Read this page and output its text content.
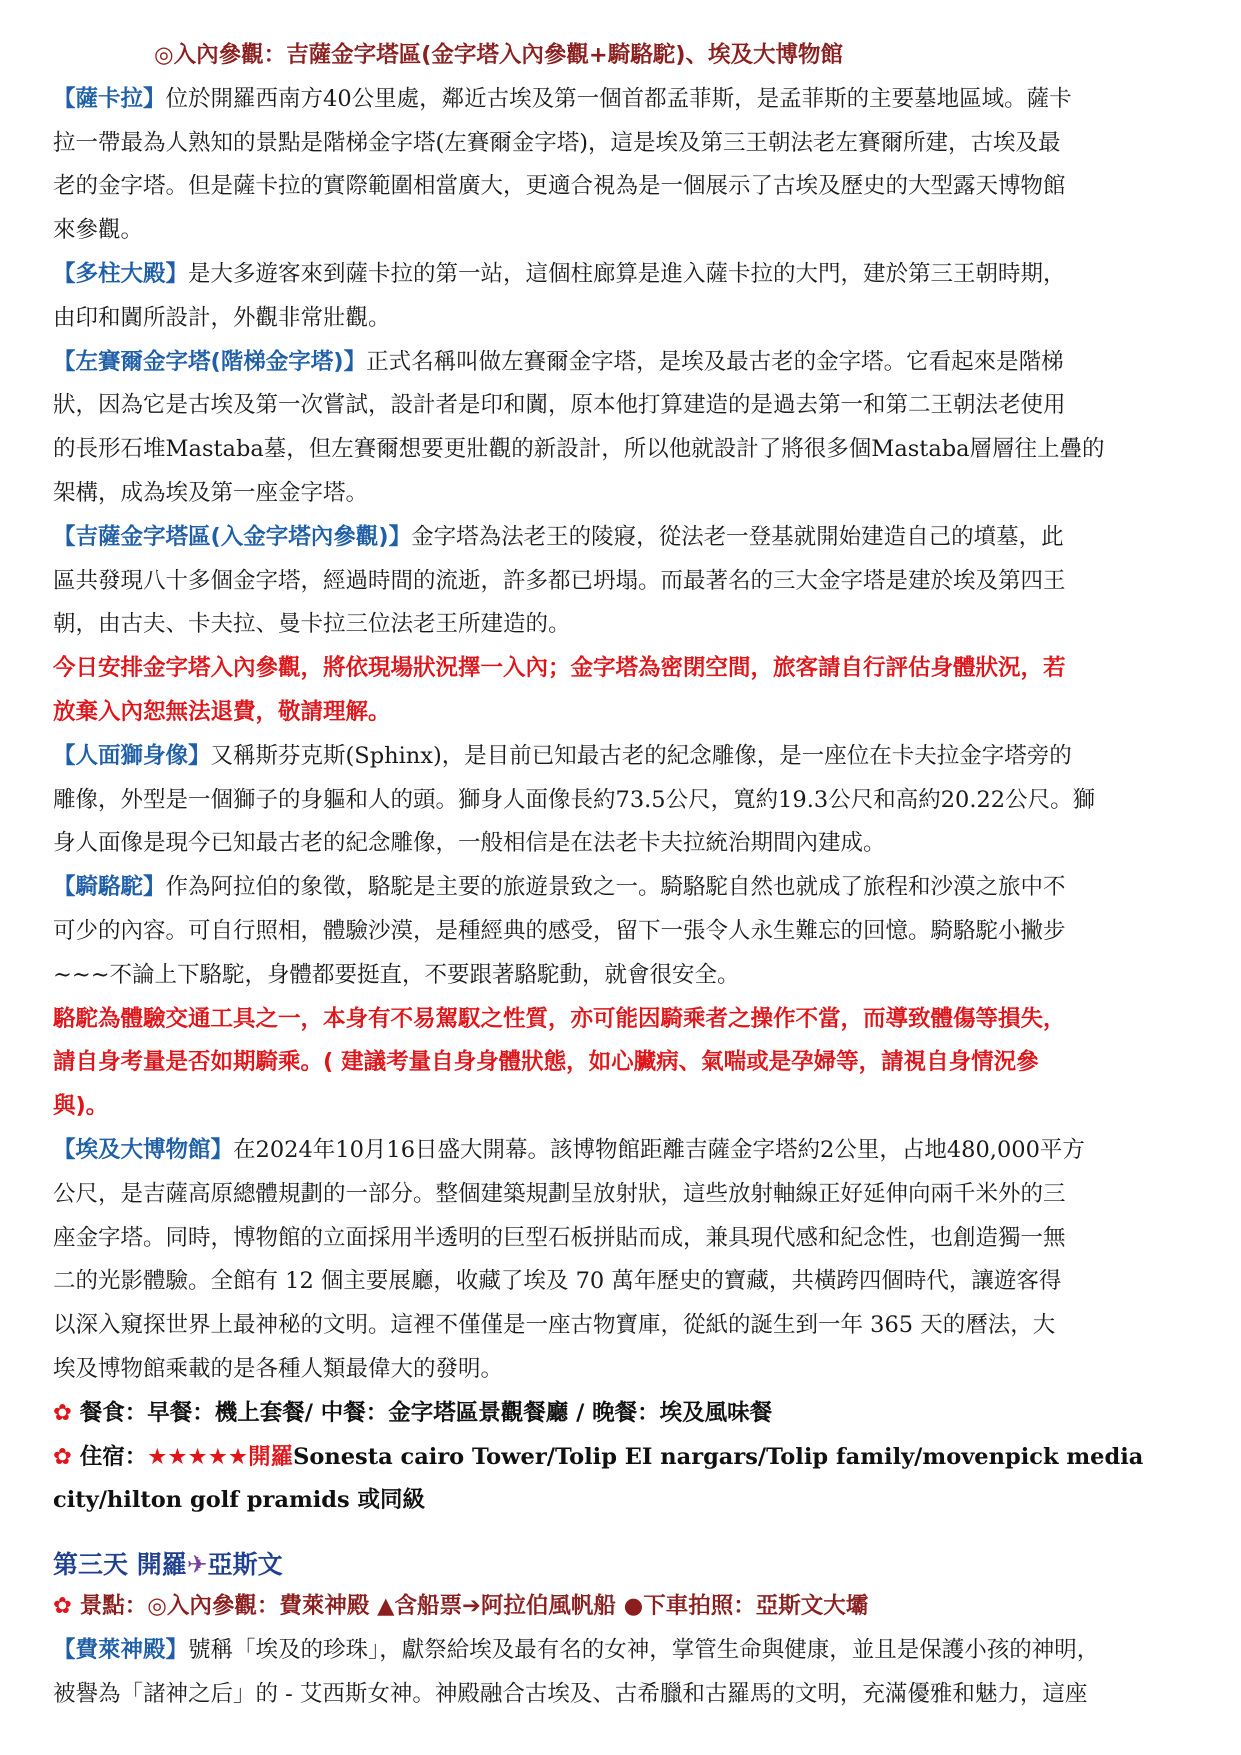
◎入內參觀：吉薩金字塔區(金字塔入內參觀+騎駱駝)、埃及大博物館
【薩卡拉】位於開羅西南方40公里處，鄰近古埃及第一個首都孟菲斯，是孟菲斯的主要墓地區域。薩卡
拉一帶最為人熟知的景點是階梯金字塔(左賽爾金字塔)，這是埃及第三王朝法老左賽爾所建，古埃及最
老的金字塔。但是薩卡拉的實際範圍相當廣大，更適合視為是一個展示了古埃及歷史的大型露天博物館
來參觀。
【多柱大殿】是大多遊客來到薩卡拉的第一站，這個柱廊算是進入薩卡拉的大門，建於第三王朝時期，
由印和闐所設計，外觀非常壯觀。
【左賽爾金字塔(階梯金字塔)】正式名稱叫做左賽爾金字塔，是埃及最古老的金字塔。它看起來是階梯
狀，因為它是古埃及第一次嘗試，設計者是印和闐，原本他打算建造的是過去第一和第二王朝法老使用
的長形石堆Mastaba墓，但左賽爾想要更壯觀的新設計，所以他就設計了將很多個Mastaba層層往上疊的
架構，成為埃及第一座金字塔。
【吉薩金字塔區(入金字塔內參觀)】金字塔為法老王的陵寢，從法老一登基就開始建造自己的墳墓，此
區共發現八十多個金字塔，經過時間的流逝，許多都已坍塌。而最著名的三大金字塔是建於埃及第四王
朝，由古夫、卡夫拉、曼卡拉三位法老王所建造的。
今日安排金字塔入內參觀，將依現場狀況擇一入內；金字塔為密閉空間，旅客請自行評估身體狀況，若
放棄入內恕無法退費，敬請理解。
【人面獅身像】又稱斯芬克斯(Sphinx)，是目前已知最古老的紀念雕像，是一座位在卡夫拉金字塔旁的
雕像，外型是一個獅子的身軀和人的頭。獅身人面像長約73.5公尺，寬約19.3公尺和高約20.22公尺。獅
身人面像是現今已知最古老的紀念雕像，一般相信是在法老卡夫拉統治期間內建成。
【騎駱駝】作為阿拉伯的象徵，駱駝是主要的旅遊景致之一。騎駱駝自然也就成了旅程和沙漠之旅中不
可少的內容。可自行照相，體驗沙漠，是種經典的感受，留下一張令人永生難忘的回憶。騎駱駝小撇步
~~~不論上下駱駝，身體都要挺直，不要跟著駱駝動，就會很安全。
駱駝為體驗交通工具之一，本身有不易駕馭之性質，亦可能因騎乘者之操作不當，而導致體傷等損失，
請自身考量是否如期騎乘。( 建議考量自身身體狀態，如心臟病、氣喘或是孕婦等，請視自身情況參
與)。
【埃及大博物館】在2024年10月16日盛大開幕。該博物館距離吉薩金字塔約2公里，占地480,000平方
公尺，是吉薩高原總體規劃的一部分。整個建築規劃呈放射狀，這些放射軸線正好延伸向兩千米外的三
座金字塔。同時，博物館的立面採用半透明的巨型石板拼貼而成，兼具現代感和紀念性，也創造獨一無
二的光影體驗。全館有 12 個主要展廳，收藏了埃及 70 萬年歷史的寶藏，共橫跨四個時代，讓遊客得
以深入窺探世界上最神秘的文明。這裡不僅僅是一座古物寶庫，從紙的誕生到一年 365 天的曆法，大
埃及博物館乘載的是各種人類最偉大的發明。
✿ 餐食：早餐：機上套餐/ 中餐：金字塔區景觀餐廳 / 晚餐：埃及風味餐
✿ 住宿：★★★★★開羅Sonesta cairo Tower/Tolip EI nargars/Tolip family/movenpick media
city/hilton golf pramids 或同級
第三天 開羅✈亞斯文
✿ 景點：◎入內參觀：費萊神殿 ▲含船票➔阿拉伯風帆船 ●下車拍照：亞斯文大壩
【費萊神殿】號稱「埃及的珍珠」，獻祭給埃及最有名的女神，掌管生命與健康，並且是保護小孩的神明，
被譽為「諸神之后」的 - 艾西斯女神。神殿融合古埃及、古希臘和古羅馬的文明，充滿優雅和魅力，這座
